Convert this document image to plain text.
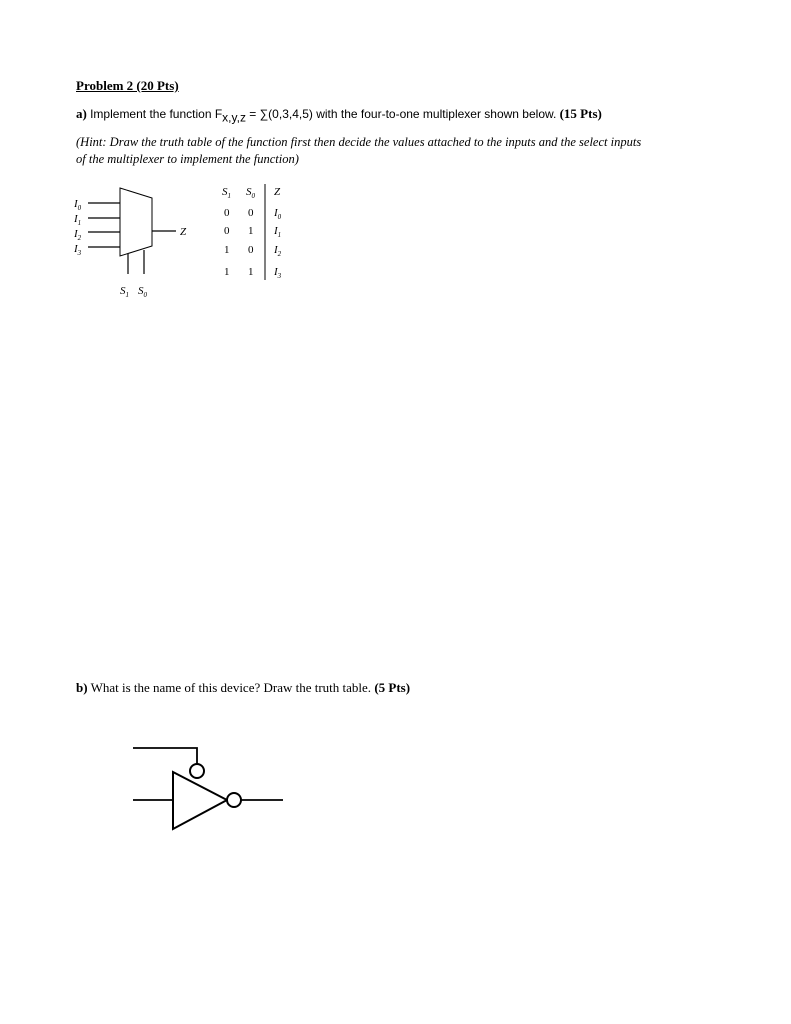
Problem 2 (20 Pts)
a) Implement the function $F_{x,y,z} = \sum(0,3,4,5)$ with the four-to-one multiplexer shown below. (15 Pts)
(Hint: Draw the truth table of the function first then decide the values attached to the inputs and the select inputs
of the multiplexer to implement the function)
$I_0$
$I_1$
$I_2$
$I_3$
Z
$S_1$ $S_0$
$S_1$ $S_0$ Z
0 0 $I_0$
0 1 $I_1$
1 0 $I_2$
1 1 $I_3$
b) What is the name of this device? Draw the truth table. (5 Pts)
